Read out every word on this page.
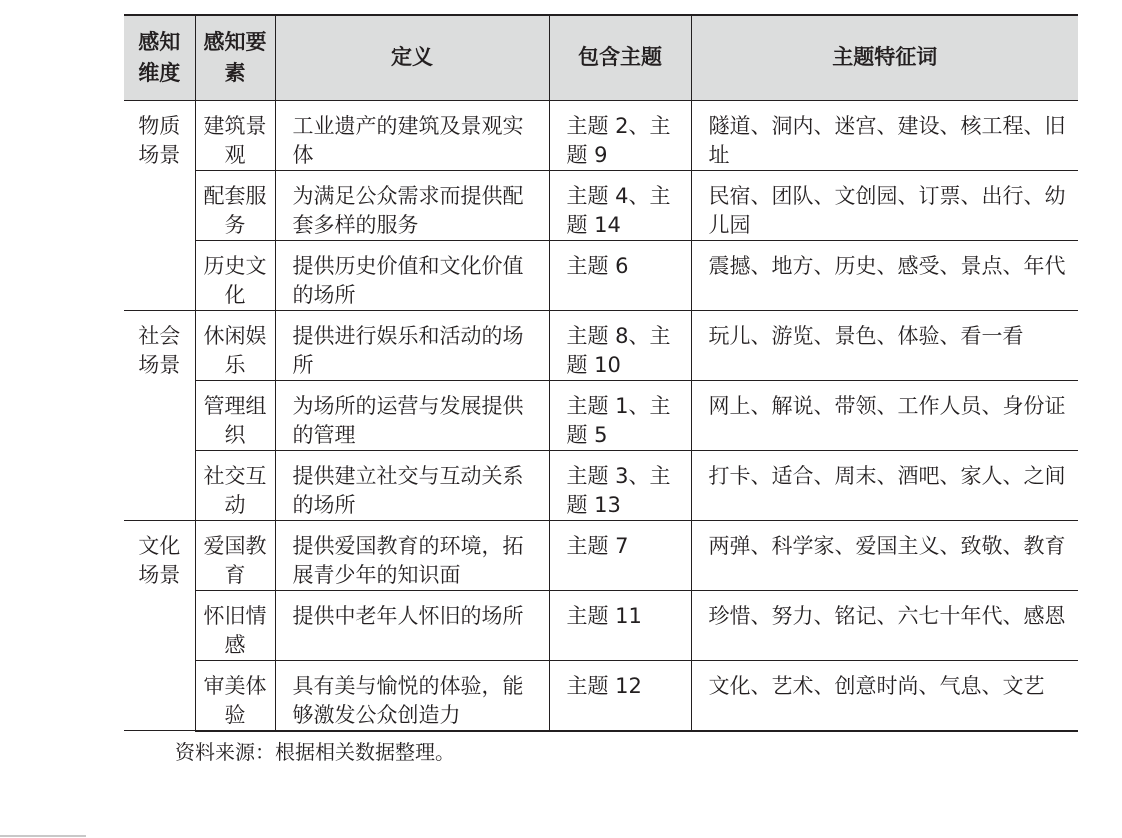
感知维度	感知要素	定义	包含主题	主题特征词
物质场景	建筑景观	工业遗产的建筑及景观实体	主题 2、主题 9	隧道、洞内、迷宫、建设、核工程、旧址
	配套服务	为满足公众需求而提供配套多样的服务	主题 4、主题 14	民宿、团队、文创园、订票、出行、幼儿园
	历史文化	提供历史价值和文化价值的场所	主题 6	震撼、地方、历史、感受、景点、年代
社会场景	休闲娱乐	提供进行娱乐和活动的场所	主题 8、主题 10	玩儿、游览、景色、体验、看一看
	管理组织	为场所的运营与发展提供的管理	主题 1、主题 5	网上、解说、带领、工作人员、身份证
	社交互动	提供建立社交与互动关系的场所	主题 3、主题 13	打卡、适合、周末、酒吧、家人、之间
文化场景	爱国教育	提供爱国教育的环境，拓展青少年的知识面	主题 7	两弹、科学家、爱国主义、致敬、教育
	怀旧情感	提供中老年人怀旧的场所	主题 11	珍惜、努力、铭记、六七十年代、感恩
	审美体验	具有美与愉悦的体验，能够激发公众创造力	主题 12	文化、艺术、创意时尚、气息、文艺

资料来源：根据相关数据整理。
